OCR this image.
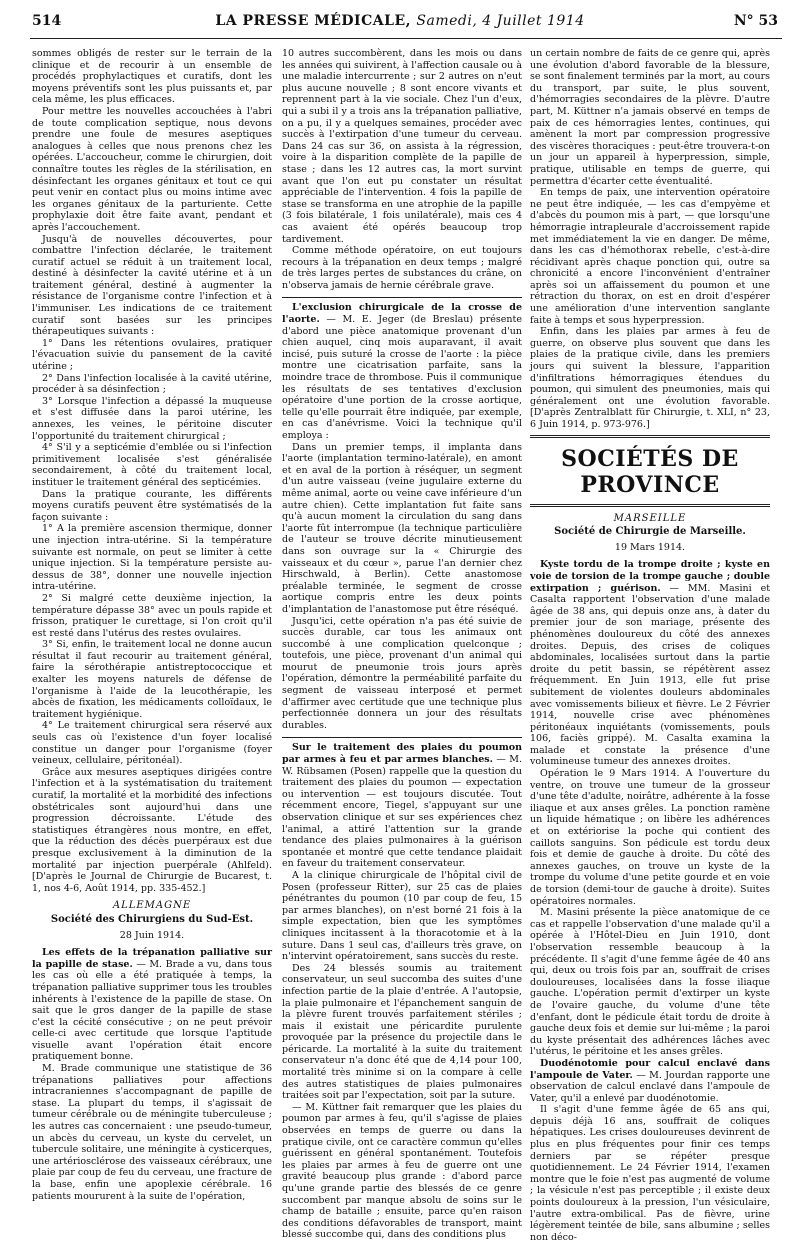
514	LA PRESSE MÉDICALE, Samedi, 4 Juillet 1914	N° 53

sommes obligés de rester sur le terrain de la clinique et de recourir à un ensemble de procédés prophylactiques et curatifs, dont les moyens préventifs sont les plus puissants et, par cela même, les plus efficaces.

Pour mettre les nouvelles accouchées à l'abri de toute complication septique, nous devons prendre une foule de mesures aseptiques analogues à celles que nous prenons chez les opérées. L'accoucheur, comme le chirurgien, doit connaître toutes les règles de la stérilisation, en désinfectant les organes génitaux et tout ce qui peut venir en contact plus ou moins intime avec les organes génitaux de la parturiente. Cette prophylaxie doit être faite avant, pendant et après l'accouchement.

Jusqu'à de nouvelles découvertes, pour combattre l'infection déclarée, le traitement curatif actuel se réduit à un traitement local, destiné à désinfecter la cavité utérine et à un traitement général, destiné à augmenter la résistance de l'organisme contre l'infection et à l'immuniser. Les indications de ce traitement curatif sont basées sur les principes thérapeutiques suivants :

1° Dans les rétentions ovulaires, pratiquer l'évacuation suivie du pansement de la cavité utérine ;

2° Dans l'infection localisée à la cavité utérine, procéder à sa désinfection ;

3° Lorsque l'infection a dépassé la muqueuse et s'est diffusée dans la paroi utérine, les annexes, les veines, le péritoine discuter l'opportunité du traitement chirurgical ;

4° S'il y a septicémie d'emblée ou si l'infection primitivement localisée s'est généralisée secondairement, à côté du traitement local, instituer le traitement général des septicémies.

Dans la pratique courante, les différents moyens curatifs peuvent être systématisés de la façon suivante :

1° A la première ascension thermique, donner une injection intra-utérine. Si la température suivante est normale, on peut se limiter à cette unique injection. Si la température persiste au-dessus de 38°, donner une nouvelle injection intra-utérine.

2° Si malgré cette deuxième injection, la température dépasse 38° avec un pouls rapide et frisson, pratiquer le curettage, si l'on croit qu'il est resté dans l'utérus des restes ovulaires.

3° Si, enfin, le traitement local ne donne aucun résultat il faut recourir au traitement général, faire la sérothérapie antistreptococcique et exalter les moyens naturels de défense de l'organisme à l'aide de la leucothérapie, les abcès de fixation, les médicaments colloïdaux, le traitement hygiénique.

4° Le traitement chirurgical sera réservé aux seuls cas où l'existence d'un foyer localisé constitue un danger pour l'organisme (foyer veineux, cellulaire, péritonéal).

Grâce aux mesures aseptiques dirigées contre l'infection et à la systématisation du traitement curatif, la mortalité et la morbidité des infections obstétricales sont aujourd'hui dans une progression décroissante. L'étude des statistiques étrangères nous montre, en effet, que la réduction des décès puerpéraux est due presque exclusivement à la diminution de la mortalité par injection puerpérale (Ahlfeld). [D'après le Journal de Chirurgie de Bucarest, t. 1, nos 4-6, Août 1914, pp. 335-452.]

ALLEMAGNE
Société des Chirurgiens du Sud-Est.
28 Juin 1914.

Les effets de la trépanation palliative sur la papille de stase. — M. Brade a vu, dans tous les cas où elle a été pratiquée à temps, la trépanation palliative supprimer tous les troubles inhérents à l'existence de la papille de stase. On sait que le gros danger de la papille de stase c'est la cécité consécutive ; on ne peut prévoir celle-ci avec certitude que lorsque l'aptitude visuelle avant l'opération était encore pratiquement bonne.

M. Brade communique une statistique de 36 trépanations palliatives pour affections intracraniennes s'accompagnant de papille de stase. La plupart du temps, il s'agissait de tumeur cérébrale ou de méningite tuberculeuse ; les autres cas concernaient : une pseudo-tumeur, un abcès du cerveau, un kyste du cervelet, un tubercule solitaire, une méningite à cysticerques, une artériosclérose des vaisseaux cérébraux, une plaie par coup de feu du cerveau, une fracture de la base, enfin une apoplexie cérébrale. 16 patients moururent à la suite de l'opération,

10 autres succombèrent, dans les mois ou dans les années qui suivirent, à l'affection causale ou à une maladie intercurrente ; sur 2 autres on n'eut plus aucune nouvelle ; 8 sont encore vivants et reprennent part à la vie sociale. Chez l'un d'eux, qui a subi il y a trois ans la trépanation palliative, on a pu, il y a quelques semaines, procéder avec succès à l'extirpation d'une tumeur du cerveau. Dans 24 cas sur 36, on assista à la régression, voire à la disparition complète de la papille de stase ; dans les 12 autres cas, la mort survint avant que l'on eut pu constater un résultat appréciable de l'intervention. 4 fois la papille de stase se transforma en une atrophie de la papille (3 fois bilatérale, 1 fois unilatérale), mais ces 4 cas avaient été opérés beaucoup trop tardivement.

Comme méthode opératoire, on eut toujours recours à la trépanation en deux temps ; malgré de très larges pertes de substances du crâne, on n'observa jamais de hernie cérébrale grave.

L'exclusion chirurgicale de la crosse de l'aorte. — M. E. Jeger (de Breslau) présente d'abord une pièce anatomique provenant d'un chien auquel, cinq mois auparavant, il avait incisé, puis suturé la crosse de l'aorte : la pièce montre une cicatrisation parfaite, sans la moindre trace de thrombose. Puis il communique les résultats de ses tentatives d'exclusion opératoire d'une portion de la crosse aortique, telle qu'elle pourrait être indiquée, par exemple, en cas d'anévrisme. Voici la technique qu'il employa :

Dans un premier temps, il implanta dans l'aorte (implantation termino-latérale), en amont et en aval de la portion à réséquer, un segment d'un autre vaisseau (veine jugulaire externe du même animal, aorte ou veine cave inférieure d'un autre chien). Cette implantation fut faite sans qu'à aucun moment la circulation du sang dans l'aorte fût interrompue (la technique particulière de l'auteur se trouve décrite minutieusement dans son ouvrage sur la « Chirurgie des vaisseaux et du cœur », parue l'an dernier chez Hirschwald, à Berlin). Cette anastomose préalable terminée, le segment de crosse aortique compris entre les deux points d'implantation de l'anastomose put être réséqué.

Jusqu'ici, cette opération n'a pas été suivie de succès durable, car tous les animaux ont succombé à une complication quelconque ; toutefois, une pièce, provenant d'un animal qui mourut de pneumonie trois jours après l'opération, démontre la perméabilité parfaite du segment de vaisseau interposé et permet d'affirmer avec certitude que une technique plus perfectionnée donnera un jour des résultats durables.

Sur le traitement des plaies du poumon par armes à feu et par armes blanches. — M. W. Rübsamen (Posen) rappelle que la question du traitement des plaies du poumon — expectation ou intervention — est toujours discutée. Tout récemment encore, Tiegel, s'appuyant sur une observation clinique et sur ses expériences chez l'animal, a attiré l'attention sur la grande tendance des plaies pulmonaires à la guérison spontanée et montré que cette tendance plaidait en faveur du traitement conservateur.

A la clinique chirurgicale de l'hôpital civil de Posen (professeur Ritter), sur 25 cas de plaies pénétrantes du poumon (10 par coup de feu, 15 par armes blanches), on n'est borné 21 fois à la simple expectation, bien que les symptômes cliniques incitassent à la thoracotomie et à la suture. Dans 1 seul cas, d'ailleurs très grave, on n'intervint opératoirement, sans succès du reste.

Des 24 blessés soumis au traitement conservateur, un seul succomba des suites d'une infection partie de la plaie d'entrée. A l'autopsie, la plaie pulmonaire et l'épanchement sanguin de la plèvre furent trouvés parfaitement stériles ; mais il existait une péricardite purulente provoquée par la présence du projectile dans le péricarde. La mortalité à la suite du traitement conservateur n'a donc été que de 4,14 pour 100, mortalité très minime si on la compare à celle des autres statistiques de plaies pulmonaires traitées soit par l'expectation, soit par la suture.

— M. Küttner fait remarquer que les plaies du poumon par armes à feu, qu'il s'agisse de plaies observées en temps de guerre ou dans la pratique civile, ont ce caractère commun qu'elles guérissent en général spontanément. Toutefois les plaies par armes à feu de guerre ont une gravité beaucoup plus grande : d'abord parce qu'une grande partie des blessés de ce genre succombent par manque absolu de soins sur le champ de bataille ; ensuite, parce qu'en raison des conditions défavorables de transport, maint blessé succombe qui, dans des conditions plus

un certain nombre de faits de ce genre qui, après une évolution d'abord favorable de la blessure, se sont finalement terminés par la mort, au cours du transport, par suite, le plus souvent, d'hémorragies secondaires de la plèvre. D'autre part, M. Küttner n'a jamais observé en temps de paix de ces hémorragies lentes, continues, qui amènent la mort par compression progressive des viscères thoraciques : peut-être trouvera-t-on un jour un appareil à hyperpression, simple, pratique, utilisable en temps de guerre, qui permettra d'écarter cette éventualité.

En temps de paix, une intervention opératoire ne peut être indiquée, — les cas d'empyème et d'abcès du poumon mis à part, — que lorsqu'une hémorragie intrapleurale d'accroissement rapide met immédiatement la vie en danger. De même, dans les cas d'hémothorax rebelle, c'est-à-dire récidivant après chaque ponction qui, outre sa chronicité a encore l'inconvénient d'entraîner après soi un affaissement du poumon et une rétraction du thorax, on est en droit d'espérer une amélioration d'une intervention sanglante faite à temps et sous hyperpression.

Enfin, dans les plaies par armes à feu de guerre, on observe plus souvent que dans les plaies de la pratique civile, dans les premiers jours qui suivent la blessure, l'apparition d'infiltrations hémorragiques étendues du poumon, qui simulent des pneumonies, mais qui généralement ont une évolution favorable. [D'après Zentralblatt für Chirurgie, t. XLI, n° 23, 6 Juin 1914, p. 973-976.]

SOCIÉTÉS DE PROVINCE
MARSEILLE
Société de Chirurgie de Marseille.
19 Mars 1914.

Kyste tordu de la trompe droite ; kyste en voie de torsion de la trompe gauche ; double extirpation ; guérison. — MM. Masini et Casalta rapportent l'observation d'une malade âgée de 38 ans, qui depuis onze ans, à dater du premier jour de son mariage, présente des phénomènes douloureux du côté des annexes droites. Depuis, des crises de coliques abdominales, localisées surtout dans la partie droite du petit bassin, se répétèrent assez fréquemment. En Juin 1913, elle fut prise subitement de violentes douleurs abdominales avec vomissements bilieux et fièvre. Le 2 Février 1914, nouvelle crise avec phénomènes péritonéaux inquiétants (vomissements, pouls 106, faciès grippé). M. Casalta examina la malade et constate la présence d'une volumineuse tumeur des annexes droites.

Opération le 9 Mars 1914. A l'ouverture du ventre, on trouve une tumeur de la grosseur d'une tête d'adulte, noirâtre, adhérente à la fosse iliaque et aux anses grêles. La ponction ramène un liquide hématique ; on libère les adhérences et on extériorise la poche qui contient des caillots sanguins. Son pédicule est tordu deux fois et demie de gauche à droite. Du côté des annexes gauches, on trouve un kyste de la trompe du volume d'une petite gourde et en voie de torsion (demi-tour de gauche à droite). Suites opératoires normales.

M. Masini présente la pièce anatomique de ce cas et rappelle l'observation d'une malade qu'il a opérée à l'Hôtel-Dieu en Juin 1910, dont l'observation ressemble beaucoup à la précédente. Il s'agit d'une femme âgée de 40 ans qui, deux ou trois fois par an, souffrait de crises douloureuses, localisées dans la fosse iliaque gauche. L'opération permit d'extirper un kyste de l'ovaire gauche, du volume d'une tête d'enfant, dont le pédicule était tordu de droite à gauche deux fois et demie sur lui-même ; la paroi du kyste présentait des adhérences lâches avec l'utérus, le péritoine et les anses grêles.

Duodénotomie pour calcul enclavé dans l'ampoule de Vater. — M. Jourdan rapporte une observation de calcul enclavé dans l'ampoule de Vater, qu'il a enlevé par duodénotomie.

Il s'agit d'une femme âgée de 65 ans qui, depuis déjà 16 ans, souffrait de coliques hépatiques. Les crises douloureuses devinrent de plus en plus fréquentes pour finir ces temps derniers par se répéter presque quotidiennement. Le 24 Février 1914, l'examen montre que le foie n'est pas augmenté de volume ; la vésicule n'est pas perceptible ; il existe deux points douloureux à la pression, l'un vésiculaire, l'autre extra-ombilical. Pas de fièvre, urine légèrement teintée de bile, sans albumine ; selles non déco-
